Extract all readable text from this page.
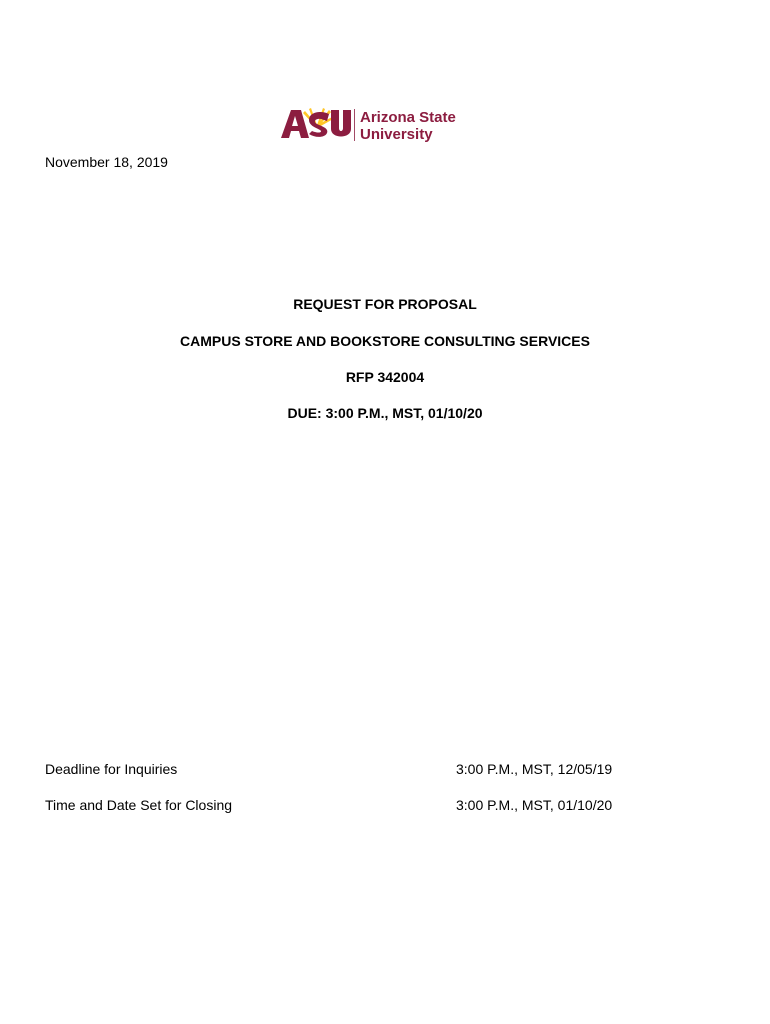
Arizona State
University
November 18, 2019
REQUEST FOR PROPOSAL
CAMPUS STORE AND BOOKSTORE CONSULTING SERVICES
RFP 342004
DUE: 3:00 P.M., MST, 01/10/20
Deadline for Inquiries	3:00 P.M., MST, 12/05/19
Time and Date Set for Closing	3:00 P.M., MST, 01/10/20
